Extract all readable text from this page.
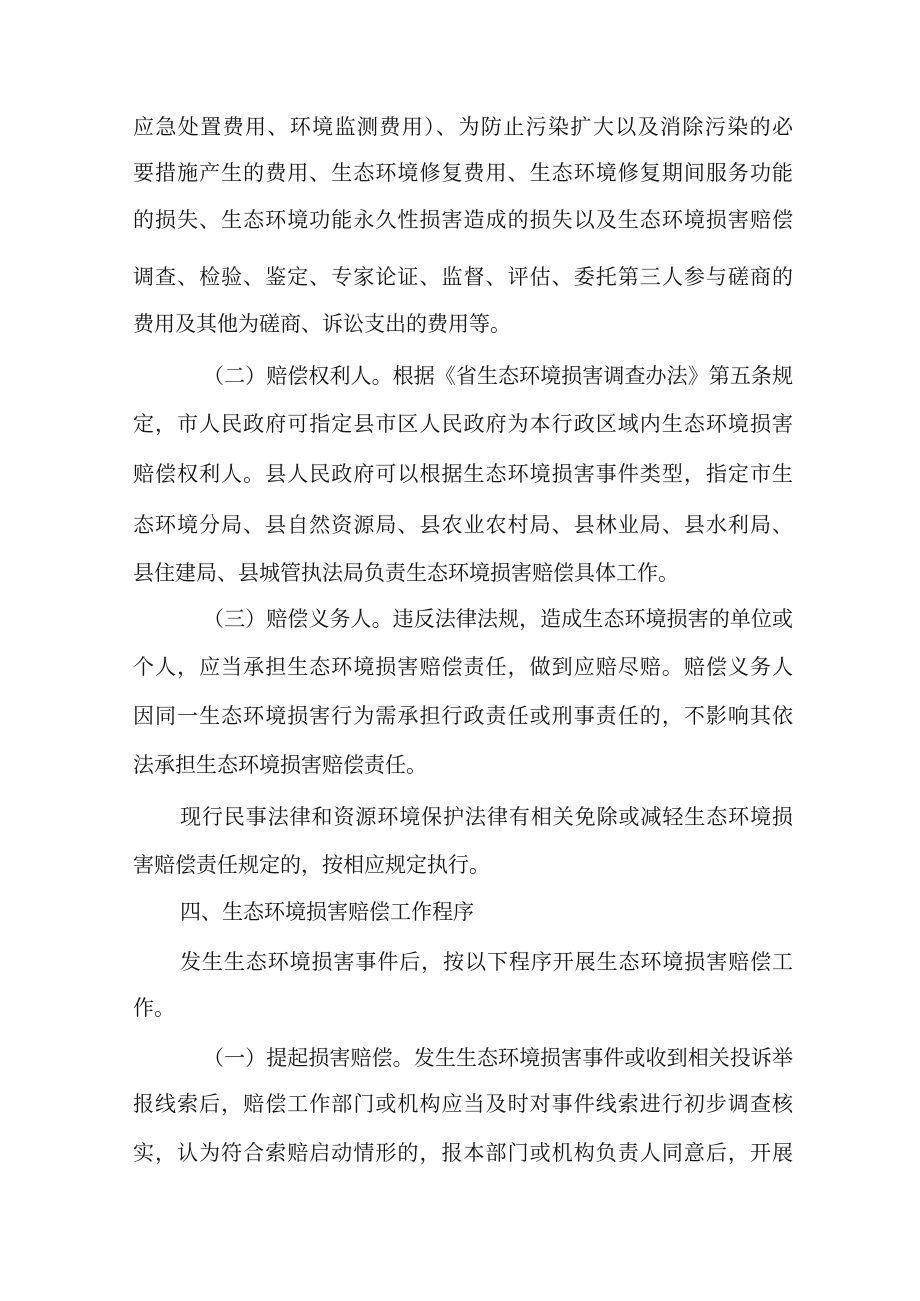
应急处置费用、环境监测费用）、为防止污染扩大以及消除污染的必

要措施产生的费用、生态环境修复费用、生态环境修复期间服务功能

的损失、生态环境功能永久性损害造成的损失以及生态环境损害赔偿

调查、检验、鉴定、专家论证、监督、评估、委托第三人参与磋商的

费用及其他为磋商、诉讼支出的费用等。

（二）赔偿权利人。根据《省生态环境损害调查办法》第五条规

定，市人民政府可指定县市区人民政府为本行政区域内生态环境损害

赔偿权利人。县人民政府可以根据生态环境损害事件类型，指定市生

态环境分局、县自然资源局、县农业农村局、县林业局、县水利局、

县住建局、县城管执法局负责生态环境损害赔偿具体工作。

（三）赔偿义务人。违反法律法规，造成生态环境损害的单位或

个人，应当承担生态环境损害赔偿责任，做到应赔尽赔。赔偿义务人

因同一生态环境损害行为需承担行政责任或刑事责任的，不影响其依

法承担生态环境损害赔偿责任。

现行民事法律和资源环境保护法律有相关免除或减轻生态环境损

害赔偿责任规定的，按相应规定执行。

四、生态环境损害赔偿工作程序

发生生态环境损害事件后，按以下程序开展生态环境损害赔偿工

作。

（一）提起损害赔偿。发生生态环境损害事件或收到相关投诉举

报线索后，赔偿工作部门或机构应当及时对事件线索进行初步调查核

实，认为符合索赔启动情形的，报本部门或机构负责人同意后，开展
